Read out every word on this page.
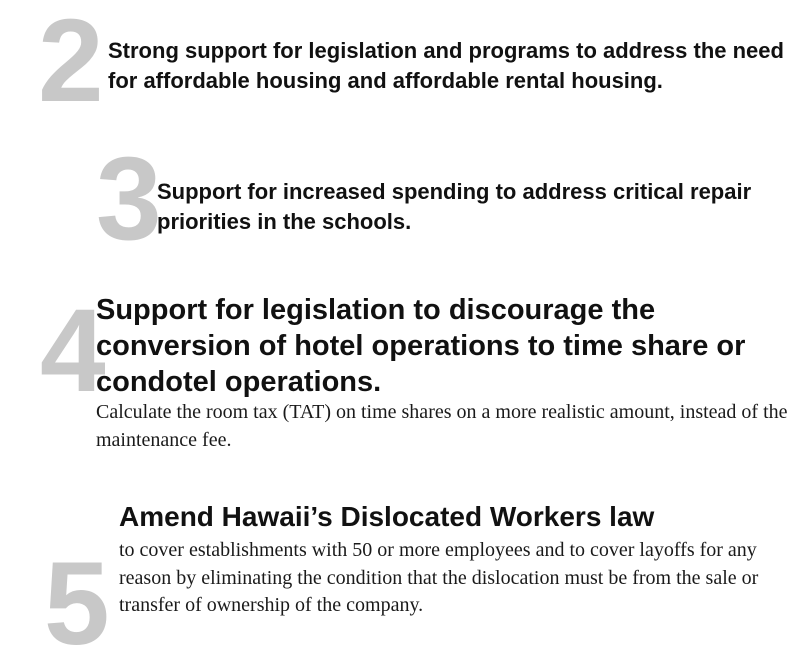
2 Strong support for legislation and programs to address the need for affordable housing and affordable rental housing.
3
Support for increased spending to address critical repair priorities in the schools.
4
Support for legislation to discourage the conversion of hotel operations to time share or condotel operations.
Calculate the room tax (TAT) on time shares on a more realistic amount, instead of the maintenance fee.
5
Amend Hawaii’s Dislocated Workers law
to cover establishments with 50 or more employees and to cover layoffs for any reason by eliminating the condition that the dislocation must be from the sale or transfer of ownership of the company.
